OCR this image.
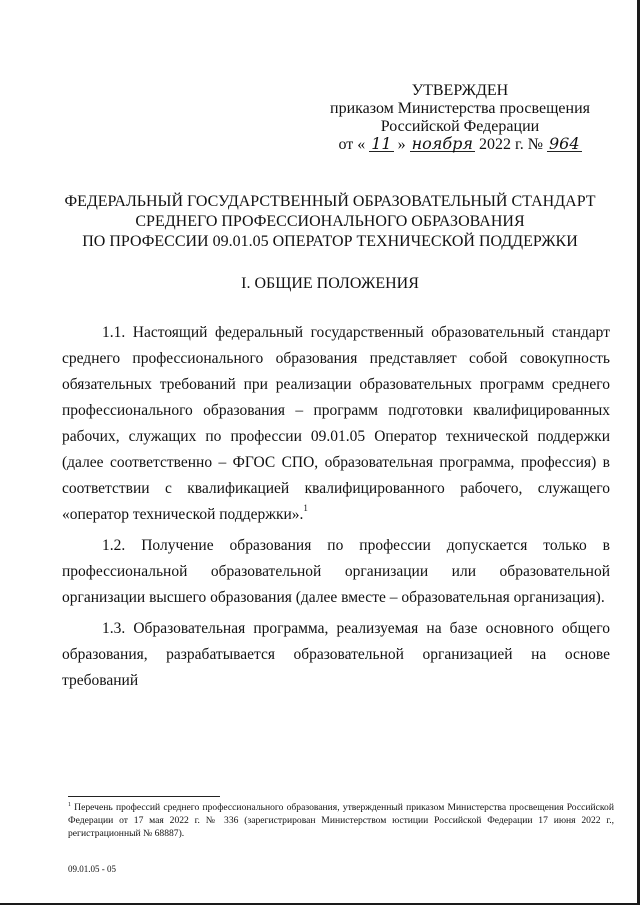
УТВЕРЖДЕН
приказом Министерства просвещения
Российской Федерации
от « 11 » ноября 2022 г. № 964
ФЕДЕРАЛЬНЫЙ ГОСУДАРСТВЕННЫЙ ОБРАЗОВАТЕЛЬНЫЙ СТАНДАРТ
СРЕДНЕГО ПРОФЕССИОНАЛЬНОГО ОБРАЗОВАНИЯ
ПО ПРОФЕССИИ 09.01.05 ОПЕРАТОР ТЕХНИЧЕСКОЙ ПОДДЕРЖКИ
I. ОБЩИЕ ПОЛОЖЕНИЯ

1.1. Настоящий федеральный государственный образовательный стандарт среднего профессионального образования представляет собой совокупность обязательных требований при реализации образовательных программ среднего профессионального образования – программ подготовки квалифицированных рабочих, служащих по профессии 09.01.05 Оператор технической поддержки (далее соответственно – ФГОС СПО, образовательная программа, профессия) в соответствии с квалификацией квалифицированного рабочего, служащего «оператор технической поддержки».$^1$

1.2. Получение образования по профессии допускается только в профессиональной образовательной организации или образовательной организации высшего образования (далее вместе – образовательная организация).

1.3. Образовательная программа, реализуемая на базе основного общего образования, разрабатывается образовательной организацией на основе требований

$^1$ Перечень профессий среднего профессионального образования, утвержденный приказом Министерства просвещения Российской Федерации от 17 мая 2022 г. № 336 (зарегистрирован Министерством юстиции Российской Федерации 17 июня 2022 г., регистрационный № 68887).
09.01.05 - 05
